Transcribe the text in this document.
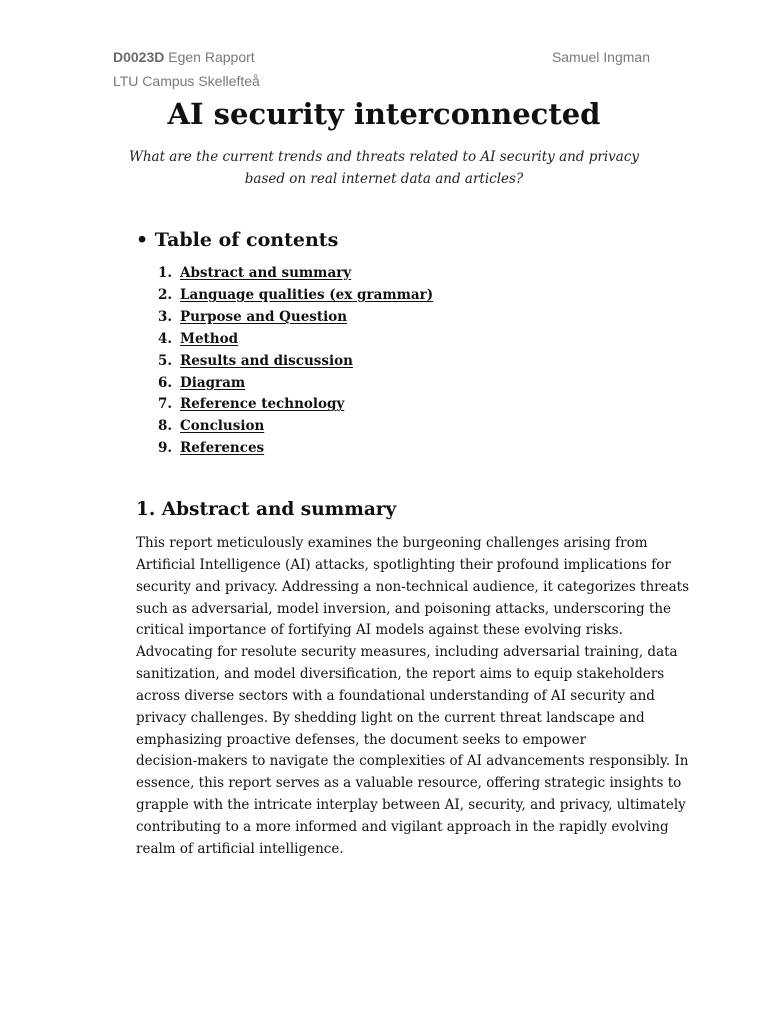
D0023D Egen Rapport
LTU Campus Skellefteå
Samuel Ingman
AI security interconnected

What are the current trends and threats related to AI security and privacy based on real internet data and articles?

• Table of contents
1. Abstract and summary
2. Language qualities (ex grammar)
3. Purpose and Question
4. Method
5. Results and discussion
6. Diagram
7. Reference technology
8. Conclusion
9. References
1. Abstract and summary

This report meticulously examines the burgeoning challenges arising from
Artificial Intelligence (AI) attacks, spotlighting their profound implications for
security and privacy. Addressing a non-technical audience, it categorizes threats
such as adversarial, model inversion, and poisoning attacks, underscoring the
critical importance of fortifying AI models against these evolving risks.
Advocating for resolute security measures, including adversarial training, data
sanitization, and model diversification, the report aims to equip stakeholders
across diverse sectors with a foundational understanding of AI security and
privacy challenges. By shedding light on the current threat landscape and
emphasizing proactive defenses, the document seeks to empower
decision-makers to navigate the complexities of AI advancements responsibly. In
essence, this report serves as a valuable resource, offering strategic insights to
grapple with the intricate interplay between AI, security, and privacy, ultimately
contributing to a more informed and vigilant approach in the rapidly evolving
realm of artificial intelligence.
